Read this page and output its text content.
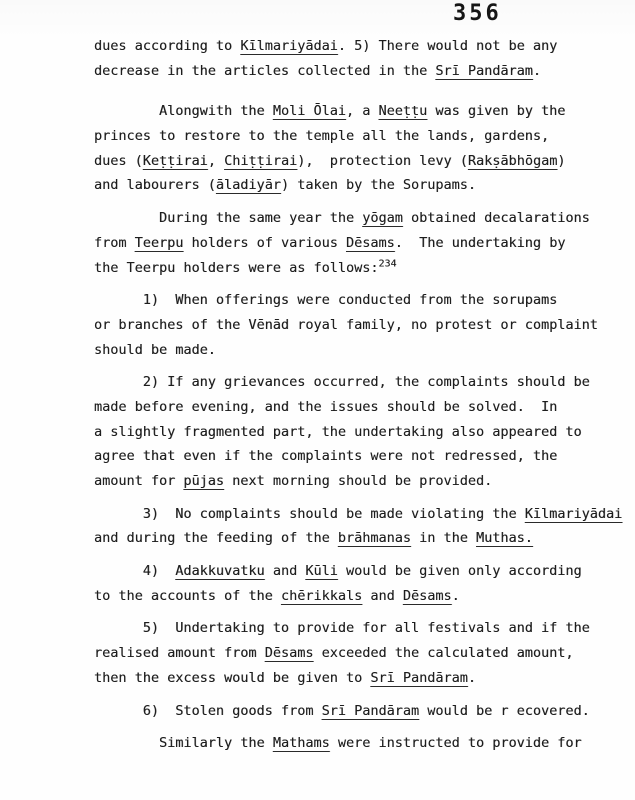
356
dues according to Kīlmariyādai. 5) There would not be any
decrease in the articles collected in the Srī Pandāram.
Alongwith the Moli Ōlai, a Neeṭṭu was given by the
princes to restore to the temple all the lands, gardens,
dues (Keṭṭirai, Chiṭṭirai),  protection levy (Rakṣābhōgam)
and labourers (āladiyār) taken by the Sorupams.
During the same year the yōgam obtained decalarations
from Teerpu holders of various Dēsams.  The undertaking by
the Teerpu holders were as follows:$^{234}$
1)  When offerings were conducted from the sorupams
or branches of the Vēnād royal family, no protest or complaint
should be made.
2) If any grievances occurred, the complaints should be
made before evening, and the issues should be solved.  In
a slightly fragmented part, the undertaking also appeared to
agree that even if the complaints were not redressed, the
amount for pūjas next morning should be provided.
3)  No complaints should be made violating the Kīlmariyādai
and during the feeding of the brāhmanas in the Muthas.
4)  Adakkuvatku and Kūli would be given only according
to the accounts of the chērikkals and Dēsams.
5)  Undertaking to provide for all festivals and if the
realised amount from Dēsams exceeded the calculated amount,
then the excess would be given to Srī Pandāram.
6)  Stolen goods from Srī Pandāram would be r ecovered.
Similarly the Mathams were instructed to provide for
